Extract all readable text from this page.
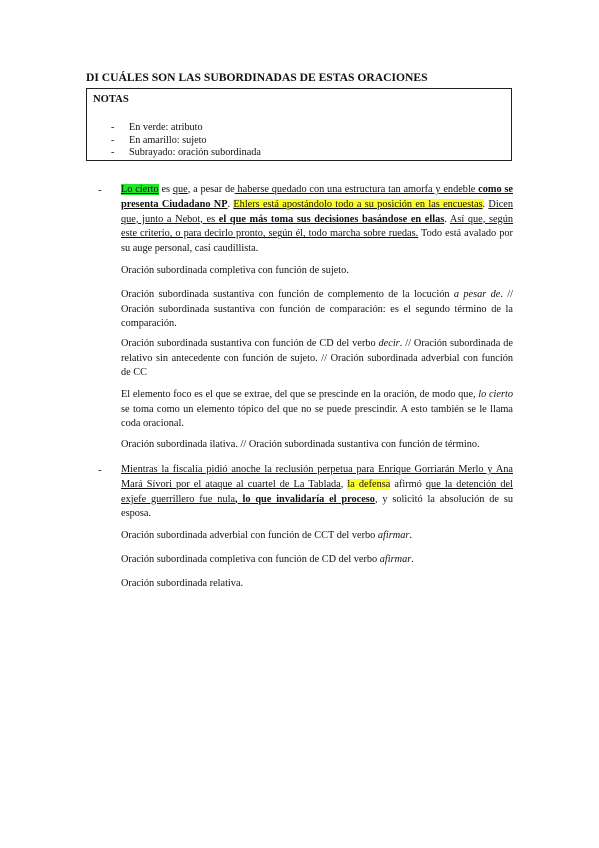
DI CUÁLES SON LAS SUBORDINADAS DE ESTAS ORACIONES
NOTAS
- En verde: atributo
- En amarillo: sujeto
- Subrayado: oración subordinada
- Lo cierto es que, a pesar de haberse quedado con una estructura tan amorfa y endeble como se presenta Ciudadano NP. Ehlers está apostándolo todo a su posición en las encuestas. Dicen que, junto a Nebot, es el que más toma sus decisiones basándose en ellas. Así que, según este criterio, o para decirlo pronto, según él, todo marcha sobre ruedas. Todo está avalado por su auge personal, casi caudillista.
Oración subordinada completiva con función de sujeto.
Oración subordinada sustantiva con función de complemento de la locución a pesar de. // Oración subordinada sustantiva con función de comparación: es el segundo término de la comparación.
Oración subordinada sustantiva con función de CD del verbo decir. // Oración subordinada de relativo sin antecedente con función de sujeto. // Oración subordinada adverbial con función de CC
El elemento foco es el que se extrae, del que se prescinde en la oración, de modo que, lo cierto se toma como un elemento tópico del que no se puede prescindir. A esto también se le llama coda oracional.
Oración subordinada ilativa. // Oración subordinada sustantiva con función de término.
- Mientras la fiscalía pidió anoche la reclusión perpetua para Enrique Gorriarán Merlo y Ana Mará Sívori por el ataque al cuartel de La Tablada, la defensa afirmó que la detención del exjefe guerrillero fue nula, lo que invalidaría el proceso, y solicitó la absolución de su esposa.
Oración subordinada adverbial con función de CCT del verbo afirmar.
Oración subordinada completiva con función de CD del verbo afirmar.
Oración subordinada relativa.
